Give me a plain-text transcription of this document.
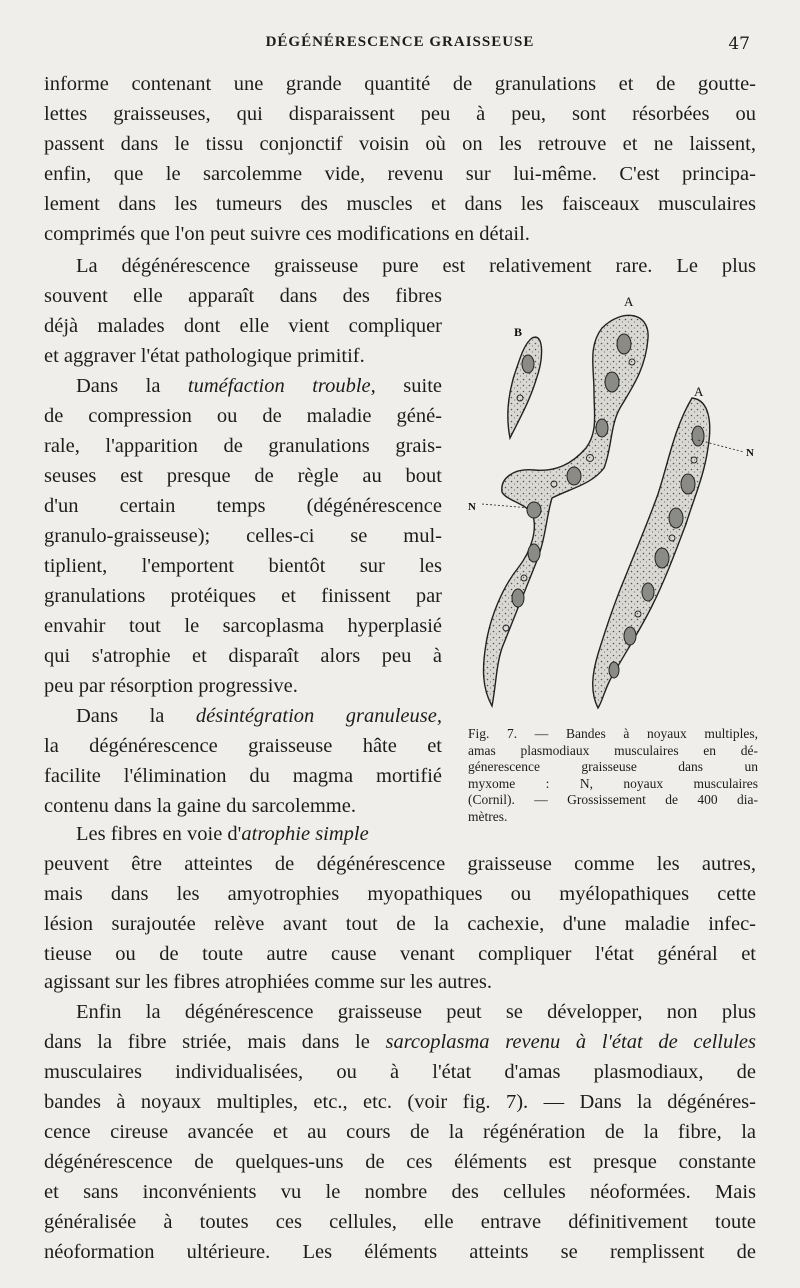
DÉGÉNÉRESCENCE GRAISSEUSE	47
informe contenant une grande quantité de granulations et de goutte-
lettes graisseuses, qui disparaissent peu à peu, sont résorbées ou
passent dans le tissu conjonctif voisin où on les retrouve et ne laissent,
enfin, que le sarcolemme vide, revenu sur lui-même. C'est principa-
lement dans les tumeurs des muscles et dans les faisceaux musculaires
comprimés que l'on peut suivre ces modifications en détail.
La dégénérescence graisseuse pure est relativement rare. Le plus
souvent elle apparaît dans des fibres
déjà malades dont elle vient compliquer
et aggraver l'état pathologique primitif.
Dans la tuméfaction trouble, suite
de compression ou de maladie géné-
rale, l'apparition de granulations grais-
seuses est presque de règle au bout
d'un certain temps (dégénérescence
granulo-graisseuse); celles-ci se mul-
tiplient, l'emportent bientôt sur les
granulations protéiques et finissent par
envahir tout le sarcoplasma hyperplasié
qui s'atrophie et disparaît alors peu à
peu par résorption progressive.
Dans la désintégration granuleuse,
la dégénérescence graisseuse hâte et
facilite l'élimination du magma mortifié
contenu dans la gaine du sarcolemme.
Les fibres en voie d'atrophie simple
peuvent être atteintes de dégénérescence graisseuse comme les autres,
mais dans les amyotrophies myopathiques ou myélopathiques cette
lésion surajoutée relève avant tout de la cachexie, d'une maladie infec-
tieuse ou de toute autre cause venant compliquer l'état général et
agissant sur les fibres atrophiées comme sur les autres.
Enfin la dégénérescence graisseuse peut se développer, non plus
dans la fibre striée, mais dans le sarcoplasma revenu à l'état de cellules
musculaires individualisées, ou à l'état d'amas plasmodiaux, de
bandes à noyaux multiples, etc., etc. (voir fig. 7). — Dans la dégénéres-
cence cireuse avancée et au cours de la régénération de la fibre, la
dégénérescence de quelques-uns de ces éléments est presque constante
et sans inconvénients vu le nombre des cellules néoformées. Mais
généralisée à toutes ces cellules, elle entrave définitivement toute
néoformation ultérieure. Les éléments atteints se remplissent de
B
A
A
N
N
Fig. 7. — Bandes à noyaux multiples,
amas plasmodiaux musculaires en dé-
génerescence graisseuse dans un
myxome : N, noyaux musculaires
(Cornil). — Grossissement de 400 dia-
mètres.
